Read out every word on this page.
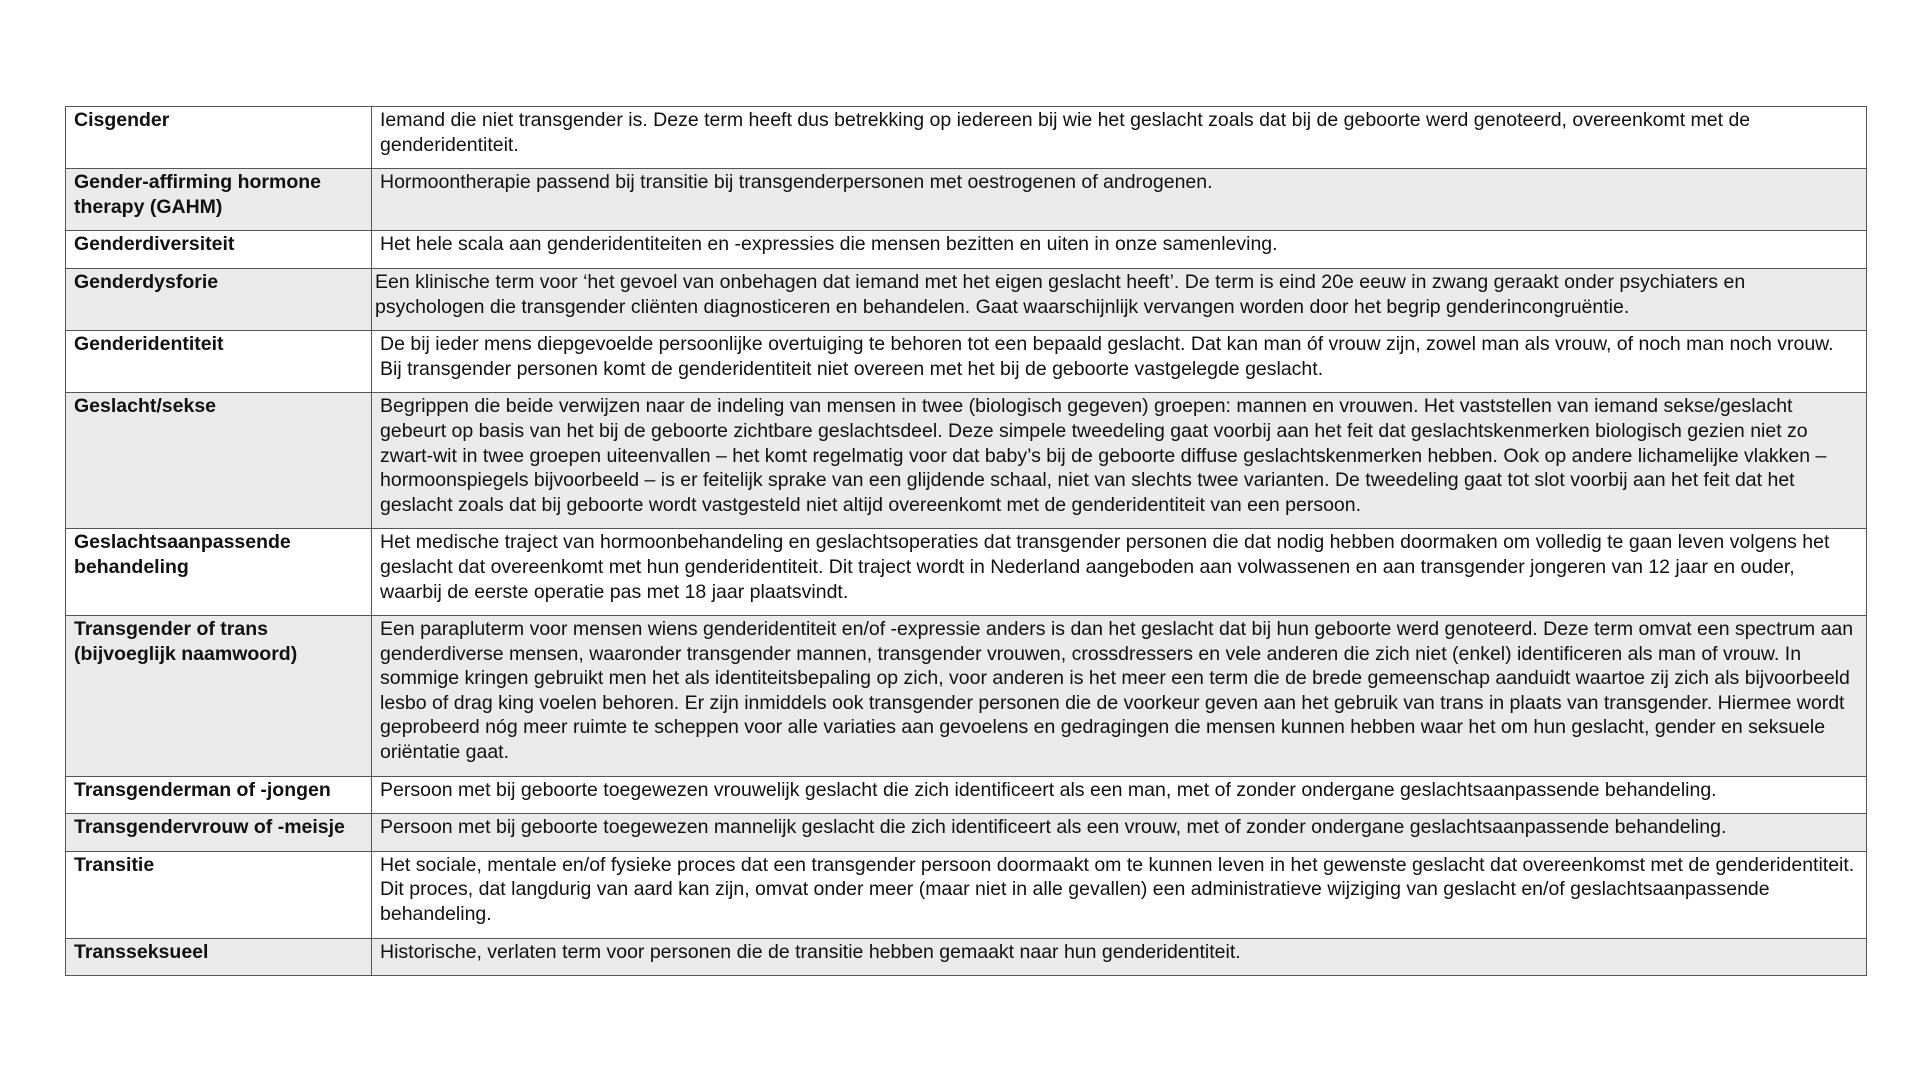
Cisgender	Iemand die niet transgender is. Deze term heeft dus betrekking op iedereen bij wie het geslacht zoals dat bij de geboorte werd genoteerd, overeenkomt met de genderidentiteit.
Gender-affirming hormone therapy (GAHM)	Hormoontherapie passend bij transitie bij transgenderpersonen met oestrogenen of androgenen.
Genderdiversiteit	Het hele scala aan genderidentiteiten en -expressies die mensen bezitten en uiten in onze samenleving.
Genderdysforie	Een klinische term voor ‘het gevoel van onbehagen dat iemand met het eigen geslacht heeft’. De term is eind 20e eeuw in zwang geraakt onder psychiaters en psychologen die transgender cliënten diagnosticeren en behandelen. Gaat waarschijnlijk vervangen worden door het begrip genderincongruëntie.
Genderidentiteit	De bij ieder mens diepgevoelde persoonlijke overtuiging te behoren tot een bepaald geslacht. Dat kan man óf vrouw zijn, zowel man als vrouw, of noch man noch vrouw. Bij transgender personen komt de genderidentiteit niet overeen met het bij de geboorte vastgelegde geslacht.
Geslacht/sekse	Begrippen die beide verwijzen naar de indeling van mensen in twee (biologisch gegeven) groepen: mannen en vrouwen. Het vaststellen van iemand sekse/geslacht gebeurt op basis van het bij de geboorte zichtbare geslachtsdeel. Deze simpele tweedeling gaat voorbij aan het feit dat geslachtskenmerken biologisch gezien niet zo zwart-wit in twee groepen uiteenvallen – het komt regelmatig voor dat baby’s bij de geboorte diffuse geslachtskenmerken hebben. Ook op andere lichamelijke vlakken – hormoonspiegels bijvoorbeeld – is er feitelijk sprake van een glijdende schaal, niet van slechts twee varianten. De tweedeling gaat tot slot voorbij aan het feit dat het geslacht zoals dat bij geboorte wordt vastgesteld niet altijd overeenkomt met de genderidentiteit van een persoon.
Geslachtsaanpassende behandeling	Het medische traject van hormoonbehandeling en geslachtsoperaties dat transgender personen die dat nodig hebben doormaken om volledig te gaan leven volgens het geslacht dat overeenkomt met hun genderidentiteit. Dit traject wordt in Nederland aangeboden aan volwassenen en aan transgender jongeren van 12 jaar en ouder, waarbij de eerste operatie pas met 18 jaar plaatsvindt.
Transgender of trans (bijvoeglijk naamwoord)	Een parapluterm voor mensen wiens genderidentiteit en/of -expressie anders is dan het geslacht dat bij hun geboorte werd genoteerd. Deze term omvat een spectrum aan genderdiverse mensen, waaronder transgender mannen, transgender vrouwen, crossdressers en vele anderen die zich niet (enkel) identificeren als man of vrouw. In sommige kringen gebruikt men het als identiteitsbepaling op zich, voor anderen is het meer een term die de brede gemeenschap aanduidt waartoe zij zich als bijvoorbeeld lesbo of drag king voelen behoren. Er zijn inmiddels ook transgender personen die de voorkeur geven aan het gebruik van trans in plaats van transgender. Hiermee wordt geprobeerd nóg meer ruimte te scheppen voor alle variaties aan gevoelens en gedragingen die mensen kunnen hebben waar het om hun geslacht, gender en seksuele oriëntatie gaat.
Transgenderman of -jongen	Persoon met bij geboorte toegewezen vrouwelijk geslacht die zich identificeert als een man, met of zonder ondergane geslachtsaanpassende behandeling.
Transgendervrouw of -meisje	Persoon met bij geboorte toegewezen mannelijk geslacht die zich identificeert als een vrouw, met of zonder ondergane geslachtsaanpassende behandeling.
Transitie	Het sociale, mentale en/of fysieke proces dat een transgender persoon doormaakt om te kunnen leven in het gewenste geslacht dat overeenkomst met de genderidentiteit. Dit proces, dat langdurig van aard kan zijn, omvat onder meer (maar niet in alle gevallen) een administratieve wijziging van geslacht en/of geslachtsaanpassende behandeling.
Transseksueel	Historische, verlaten term voor personen die de transitie hebben gemaakt naar hun genderidentiteit.
